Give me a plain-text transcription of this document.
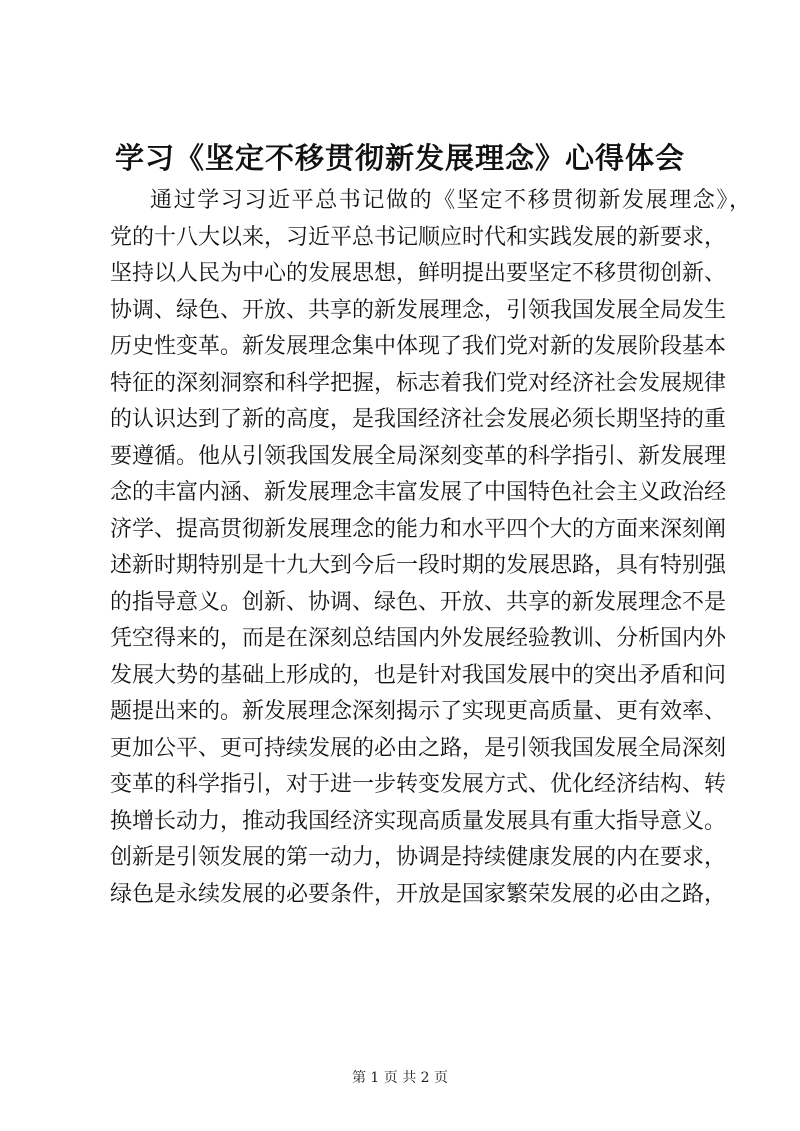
学习《坚定不移贯彻新发展理念》心得体会
通过学习习近平总书记做的《坚定不移贯彻新发展理念》，
党的十八大以来，习近平总书记顺应时代和实践发展的新要求，
坚持以人民为中心的发展思想，鲜明提出要坚定不移贯彻创新、
协调、绿色、开放、共享的新发展理念，引领我国发展全局发生
历史性变革。新发展理念集中体现了我们党对新的发展阶段基本
特征的深刻洞察和科学把握，标志着我们党对经济社会发展规律
的认识达到了新的高度，是我国经济社会发展必须长期坚持的重
要遵循。他从引领我国发展全局深刻变革的科学指引、新发展理
念的丰富内涵、新发展理念丰富发展了中国特色社会主义政治经
济学、提高贯彻新发展理念的能力和水平四个大的方面来深刻阐
述新时期特别是十九大到今后一段时期的发展思路，具有特别强
的指导意义。创新、协调、绿色、开放、共享的新发展理念不是
凭空得来的，而是在深刻总结国内外发展经验教训、分析国内外
发展大势的基础上形成的，也是针对我国发展中的突出矛盾和问
题提出来的。新发展理念深刻揭示了实现更高质量、更有效率、
更加公平、更可持续发展的必由之路，是引领我国发展全局深刻
变革的科学指引，对于进一步转变发展方式、优化经济结构、转
换增长动力，推动我国经济实现高质量发展具有重大指导意义。
创新是引领发展的第一动力，协调是持续健康发展的内在要求，
绿色是永续发展的必要条件，开放是国家繁荣发展的必由之路，
第 1 页 共 2 页
